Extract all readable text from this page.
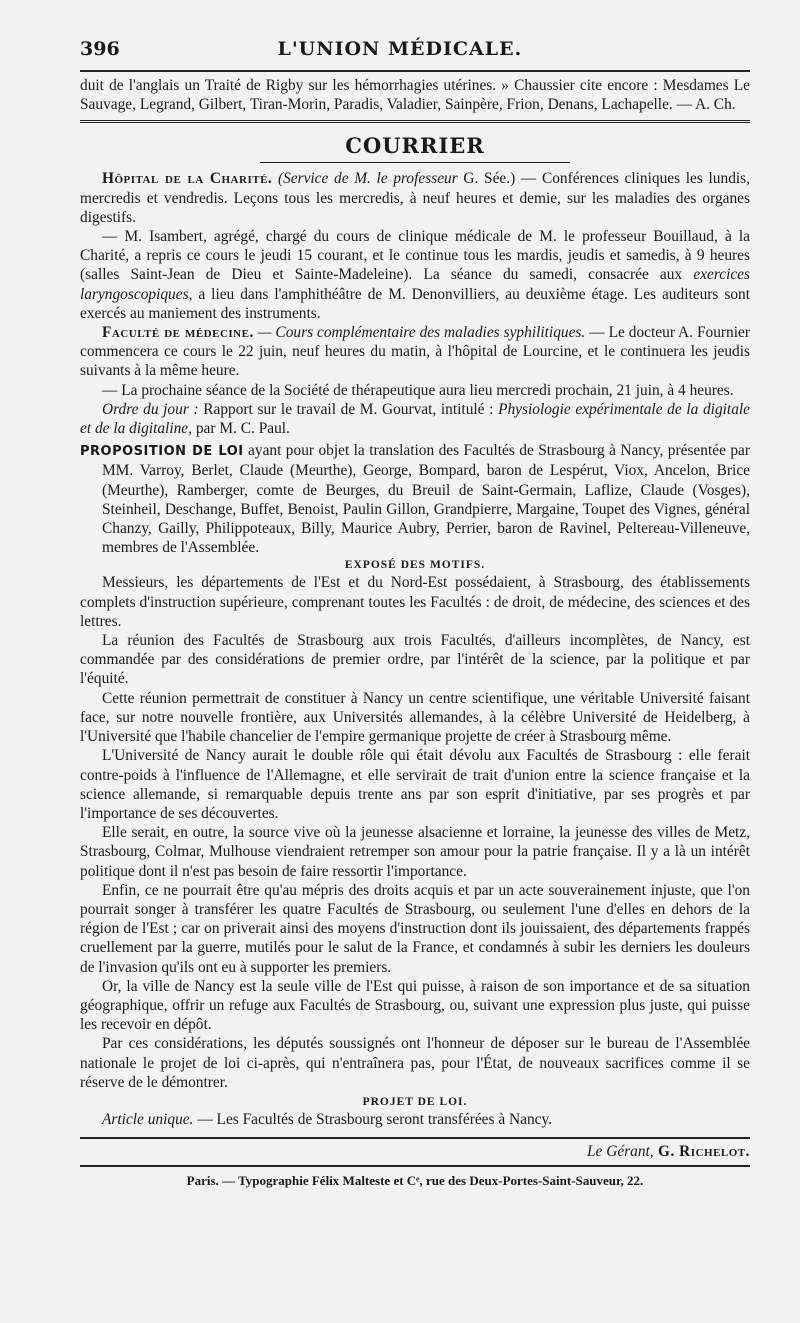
396	L'UNION MÉDICALE.

duit de l'anglais un Traité de Rigby sur les hémorrhagies utérines. » Chaussier cite encore : Mesdames Le Sauvage, Legrand, Gilbert, Tiran-Morin, Paradis, Valadier, Sainpère, Frion, Denans, Lachapelle. — A. Ch.

COURRIER

Hôpital de la Charité. (Service de M. le professeur G. Sée.) — Conférences cliniques les lundis, mercredis et vendredis. Leçons tous les mercredis, à neuf heures et demie, sur les maladies des organes digestifs.

— M. Isambert, agrégé, chargé du cours de clinique médicale de M. le professeur Bouillaud, à la Charité, a repris ce cours le jeudi 15 courant, et le continue tous les mardis, jeudis et samedis, à 9 heures (salles Saint-Jean de Dieu et Sainte-Madeleine). La séance du samedi, consacrée aux exercices laryngoscopiques, a lieu dans l'amphithéâtre de M. Denonvilliers, au deuxième étage. Les auditeurs sont exercés au maniement des instruments.

Faculté de médecine. — Cours complémentaire des maladies syphilitiques. — Le docteur A. Fournier commencera ce cours le 22 juin, neuf heures du matin, à l'hôpital de Lourcine, et le continuera les jeudis suivants à la même heure.

— La prochaine séance de la Société de thérapeutique aura lieu mercredi prochain, 21 juin, à 4 heures.

Ordre du jour : Rapport sur le travail de M. Gourvat, intitulé : Physiologie expérimentale de la digitale et de la digitaline, par M. C. Paul.

PROPOSITION DE LOI ayant pour objet la translation des Facultés de Strasbourg à Nancy, présentée par MM. Varroy, Berlet, Claude (Meurthe), George, Bompard, baron de Lespérut, Viox, Ancelon, Brice (Meurthe), Ramberger, comte de Beurges, du Breuil de Saint-Germain, Laflize, Claude (Vosges), Steinheil, Deschange, Buffet, Benoist, Paulin Gillon, Grandpierre, Margaine, Toupet des Vignes, général Chanzy, Gailly, Philippoteaux, Billy, Maurice Aubry, Perrier, baron de Ravinel, Peltereau-Villeneuve, membres de l'Assemblée.

EXPOSÉ DES MOTIFS.

Messieurs, les départements de l'Est et du Nord-Est possédaient, à Strasbourg, des établissements complets d'instruction supérieure, comprenant toutes les Facultés : de droit, de médecine, des sciences et des lettres.

La réunion des Facultés de Strasbourg aux trois Facultés, d'ailleurs incomplètes, de Nancy, est commandée par des considérations de premier ordre, par l'intérêt de la science, par la politique et par l'équité.

Cette réunion permettrait de constituer à Nancy un centre scientifique, une véritable Université faisant face, sur notre nouvelle frontière, aux Universités allemandes, à la célèbre Université de Heidelberg, à l'Université que l'habile chancelier de l'empire germanique projette de créer à Strasbourg même.

L'Université de Nancy aurait le double rôle qui était dévolu aux Facultés de Strasbourg : elle ferait contre-poids à l'influence de l'Allemagne, et elle servirait de trait d'union entre la science française et la science allemande, si remarquable depuis trente ans par son esprit d'initiative, par ses progrès et par l'importance de ses découvertes.

Elle serait, en outre, la source vive où la jeunesse alsacienne et lorraine, la jeunesse des villes de Metz, Strasbourg, Colmar, Mulhouse viendraient retremper son amour pour la patrie française. Il y a là un intérêt politique dont il n'est pas besoin de faire ressortir l'importance.

Enfin, ce ne pourrait être qu'au mépris des droits acquis et par un acte souverainement injuste, que l'on pourrait songer à transférer les quatre Facultés de Strasbourg, ou seulement l'une d'elles en dehors de la région de l'Est ; car on priverait ainsi des moyens d'instruction dont ils jouissaient, des départements frappés cruellement par la guerre, mutilés pour le salut de la France, et condamnés à subir les derniers les douleurs de l'invasion qu'ils ont eu à supporter les premiers.

Or, la ville de Nancy est la seule ville de l'Est qui puisse, à raison de son importance et de sa situation géographique, offrir un refuge aux Facultés de Strasbourg, ou, suivant une expression plus juste, qui puisse les recevoir en dépôt.

Par ces considérations, les députés soussignés ont l'honneur de déposer sur le bureau de l'Assemblée nationale le projet de loi ci-après, qui n'entraînera pas, pour l'État, de nouveaux sacrifices comme il se réserve de le démontrer.

PROJET DE LOI.

Article unique. — Les Facultés de Strasbourg seront transférées à Nancy.

Le Gérant, G. Richelot.

Paris. — Typographie Félix Malteste et Cᵉ, rue des Deux-Portes-Saint-Sauveur, 22.
